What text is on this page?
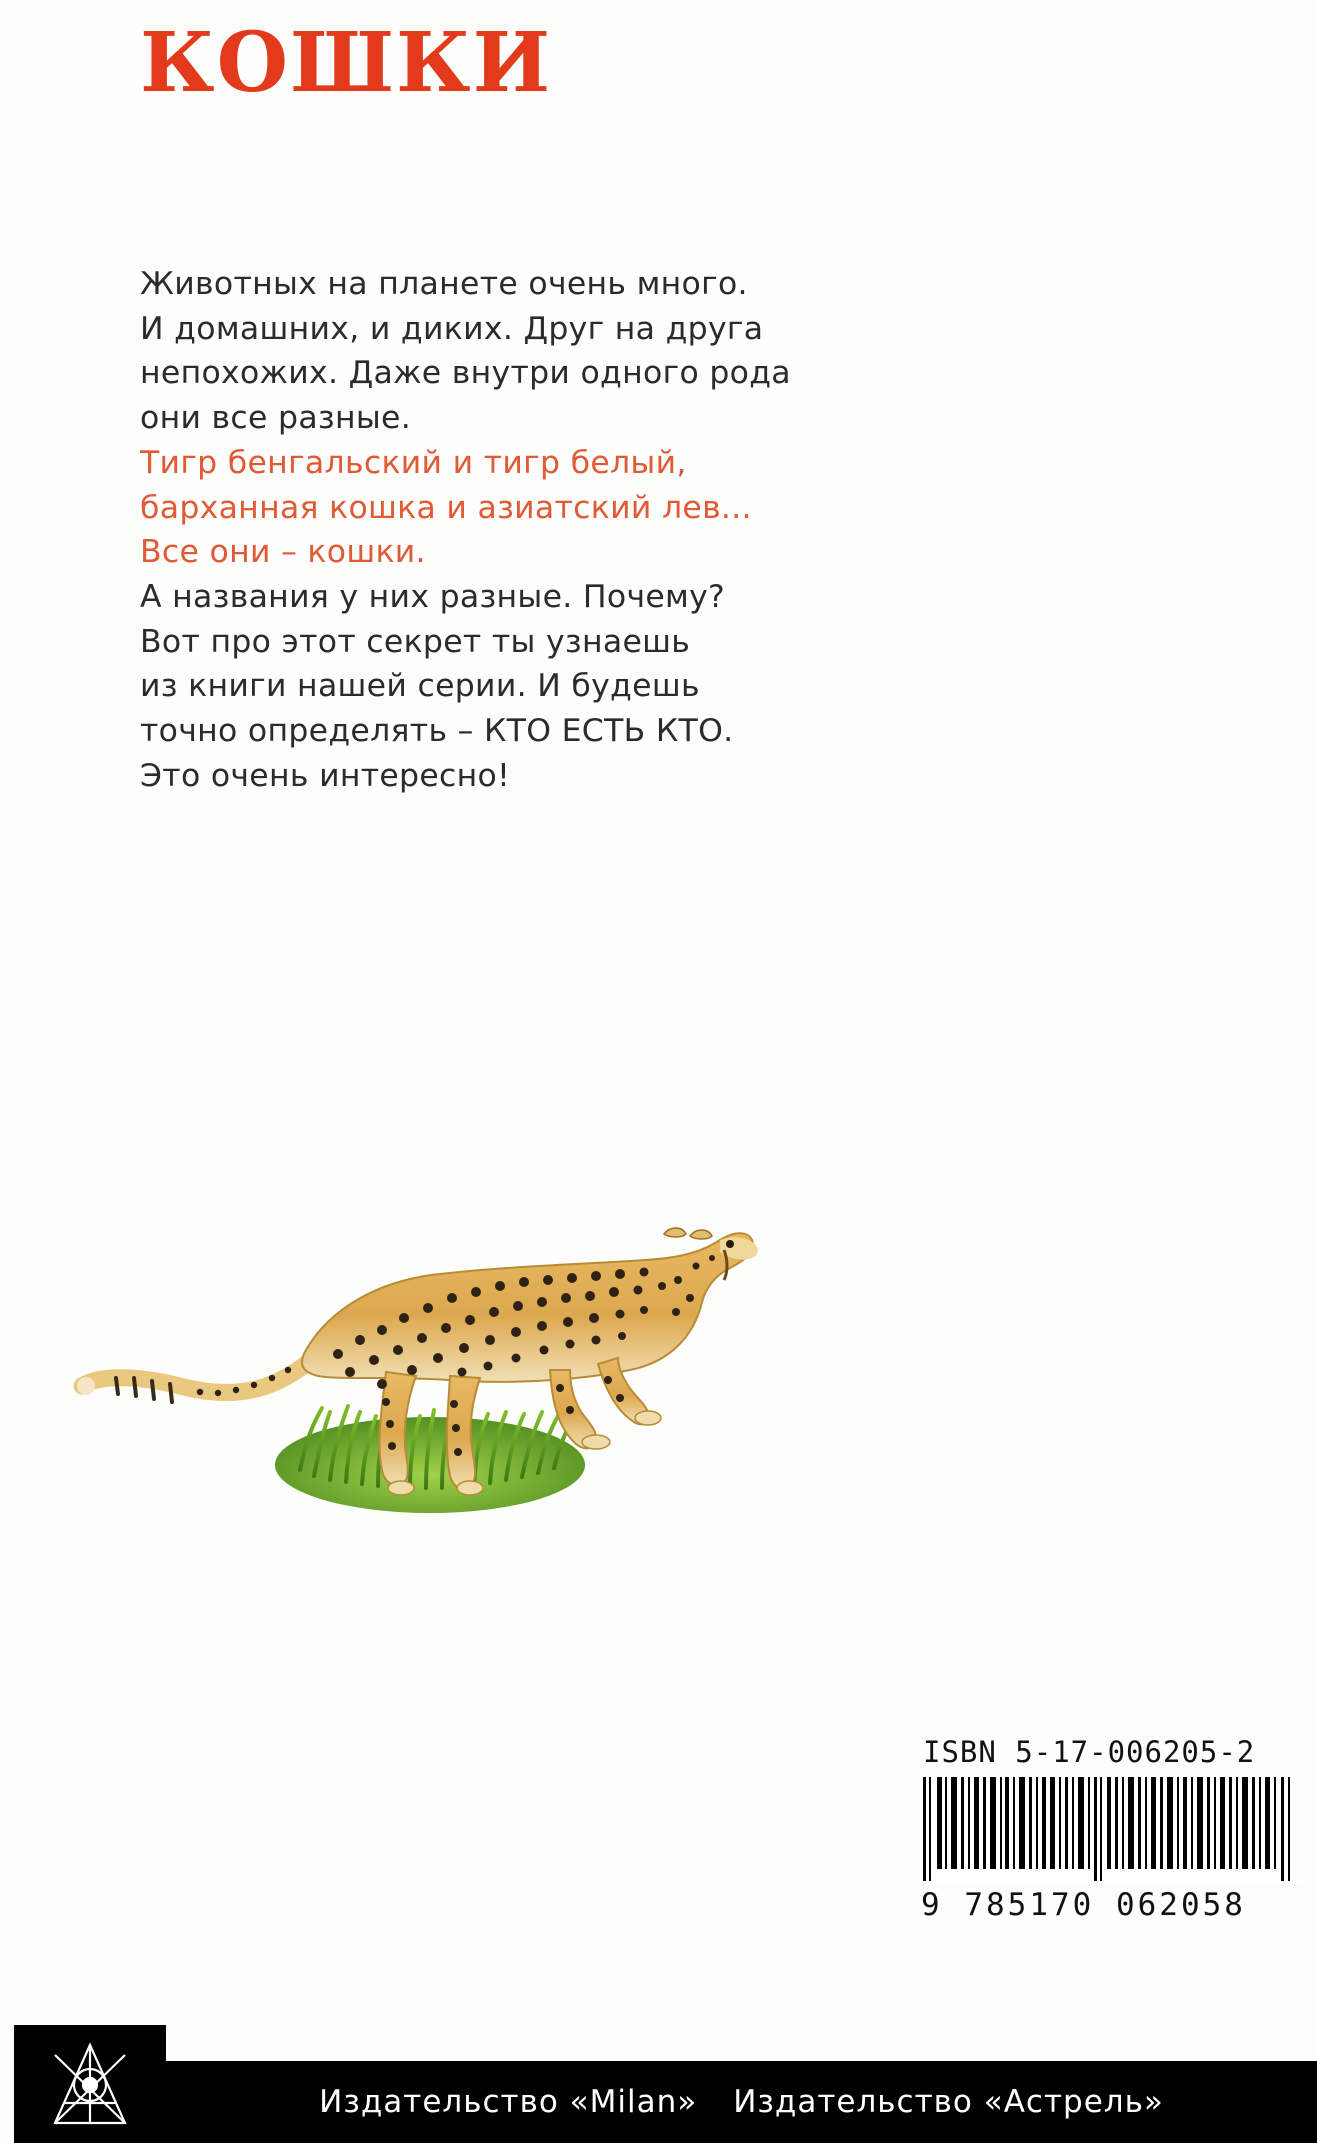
КОШКИ

Животных на планете очень много.

И домашних, и диких. Друг на друга

непохожих. Даже внутри одного рода

они все разные.

Тигр бенгальский и тигр белый,

барханная кошка и азиатский лев...

Все они – кошки.

А названия у них разные. Почему?

Вот про этот секрет ты узнаешь

из книги нашей серии. И будешь

точно определять – КТО ЕСТЬ КТО.

Это очень интересно!

ISBN 5-17-006205-2
9 785170 062058
Издательство «Milan» Издательство «Астрель»
